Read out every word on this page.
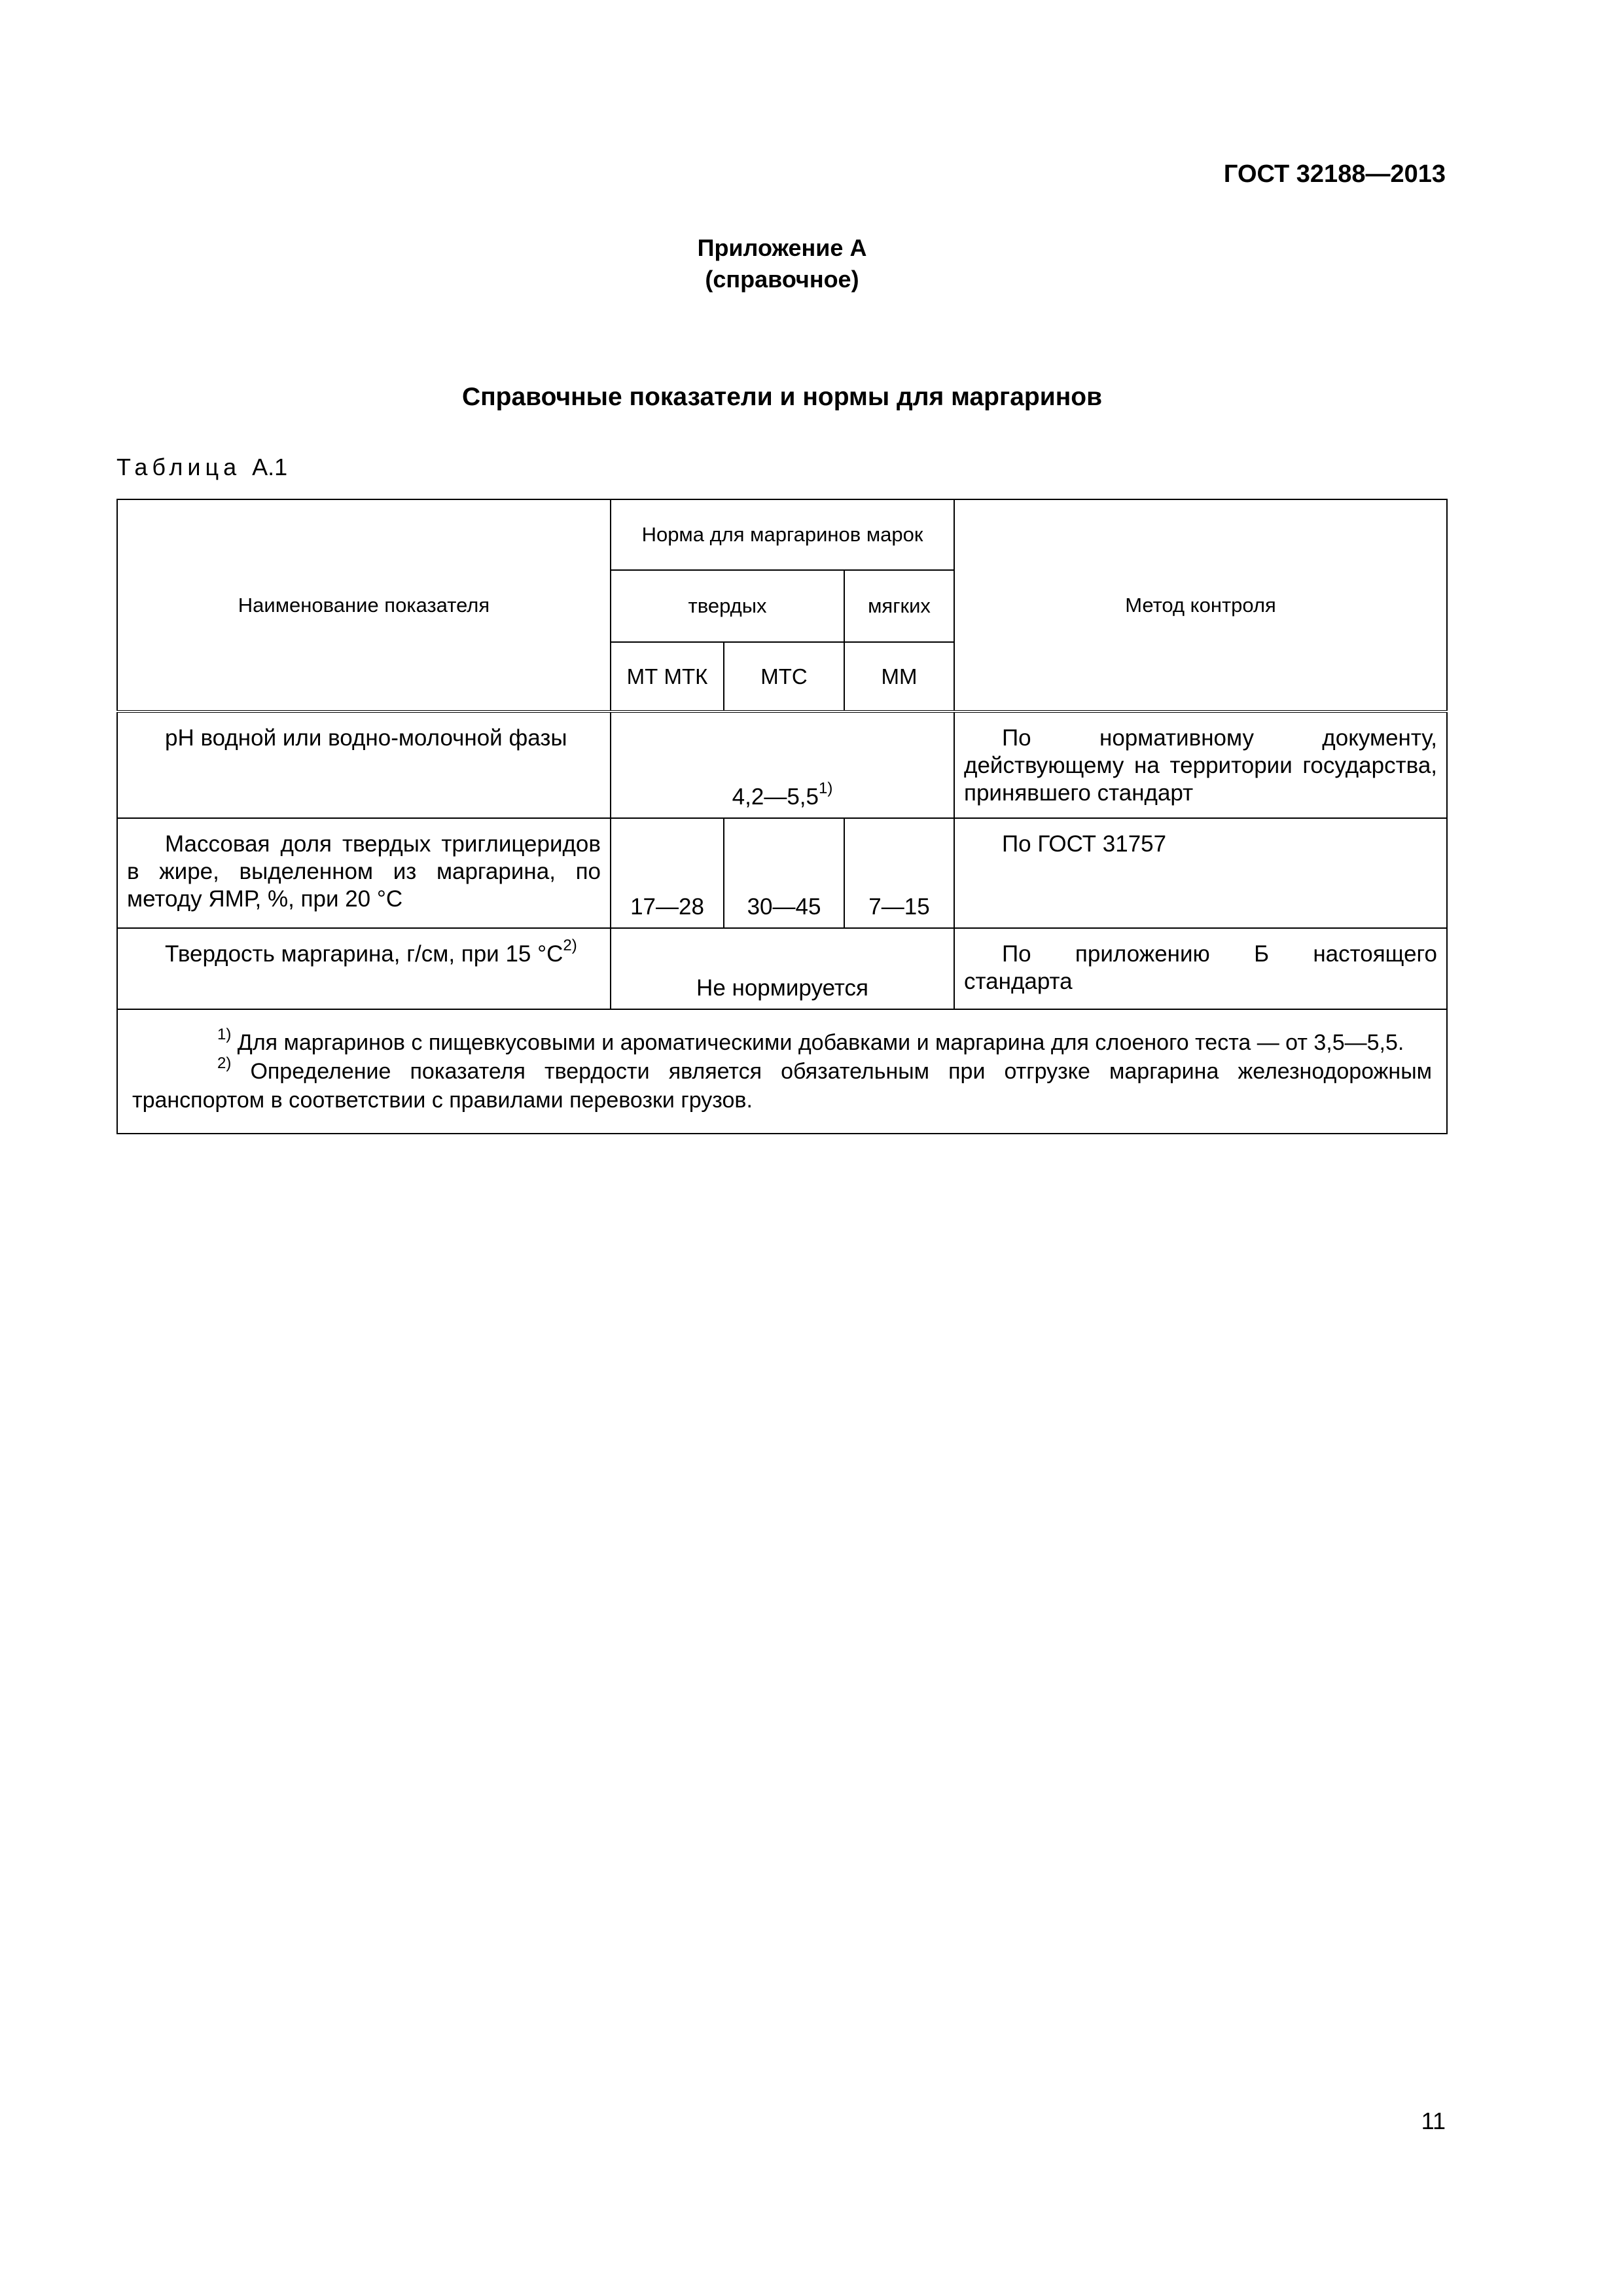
ГОСТ 32188—2013
Приложение А
(справочное)
Справочные показатели и нормы для маргаринов
Таблица А.1
Наименование показателя	Норма для маргаринов марок			Метод контроля
	твердых		мягких	
	МТ МТК	МТС	ММ	
рН водной или водно-молочной фазы	4,2—5,5$^{1)}$			По нормативному документу, действующему на территории государства, принявшего стандарт
Массовая доля твердых триглицеридов в жире, выделенном из маргарина, по методу ЯМР, %, при 20 °С	17—28	30—45	7—15	По ГОСТ 31757
Твердость маргарина, г/см, при 15 $^\circ С^{2)}$	Не нормируется			По приложению Б настоящего стандарта

$^{1)}$ Для маргаринов с пищевкусовыми и ароматическими добавками и маргарина для слоеного теста — от 3,5—5,5.

$^{2)}$ Определение показателя твердости является обязательным при отгрузке маргарина железнодорожным транспортом в соответствии с правилами перевозки грузов.				

11
